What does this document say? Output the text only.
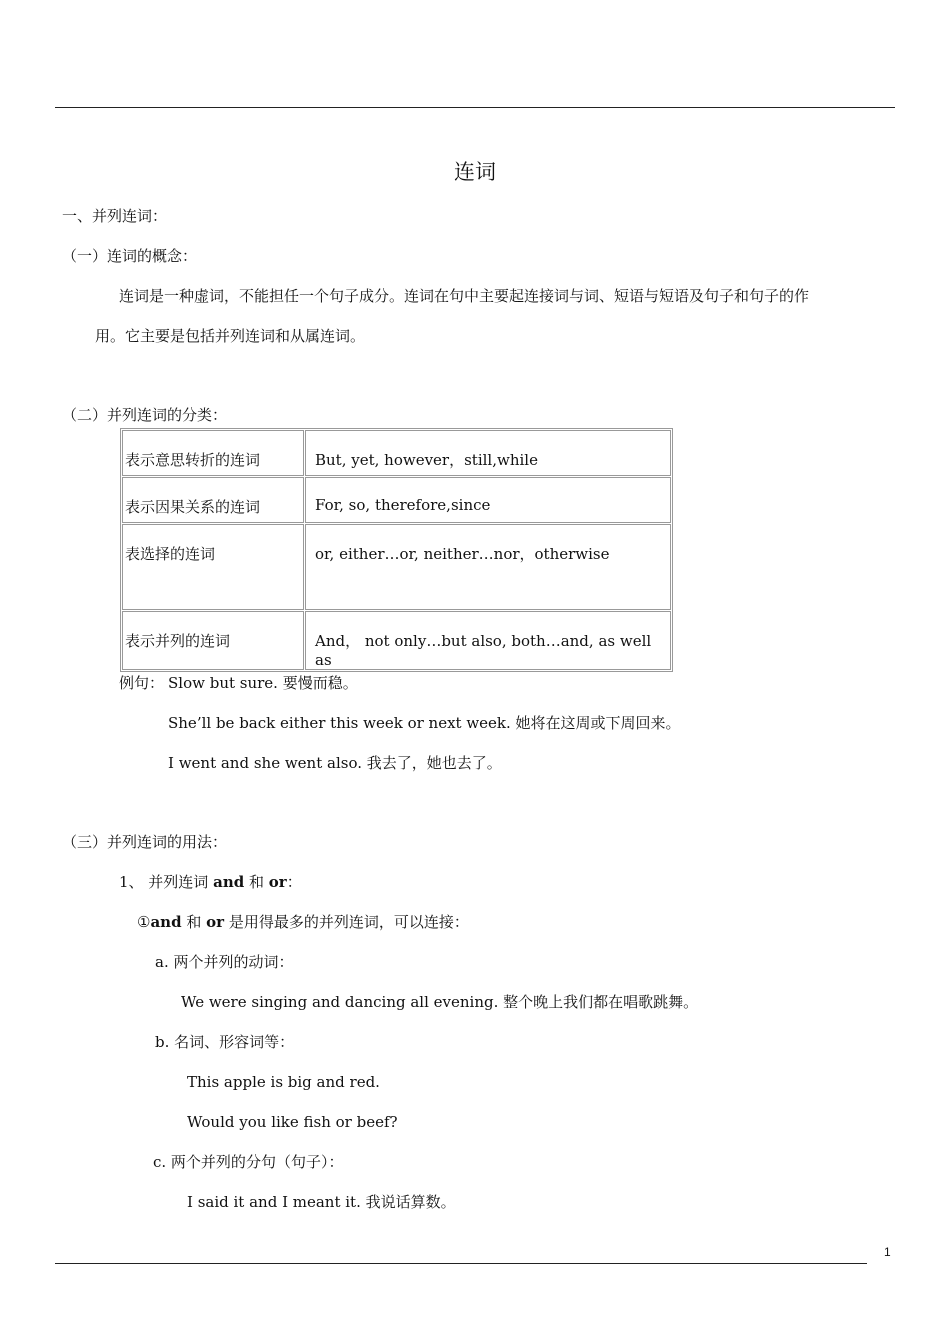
连词
一、并列连词：
（一）连词的概念：
连词是一种虚词，不能担任一个句子成分。连词在句中主要起连接词与词、短语与短语及句子和句子的作
用。它主要是包括并列连词和从属连词。
（二）并列连词的分类：
表示意思转折的连词	But, yet, however，still,while

表示因果关系的连词	For, so, therefore,since

表选择的连词	or, either…or, neither…nor，otherwise

表示并列的连词	And， not only…but also, both…and, as well as
例句： Slow but sure. 要慢而稳。
She’ll be back either this week or next week. 她将在这周或下周回来。
I went and she went also. 我去了，她也去了。
（三）并列连词的用法：
1、 并列连词 and 和 or：
①and 和 or 是用得最多的并列连词，可以连接：
a. 两个并列的动词：
We were singing and dancing all evening. 整个晚上我们都在唱歌跳舞。
b. 名词、形容词等：
This apple is big and red.
Would you like fish or beef?
c. 两个并列的分句（句子）：
I said it and I meant it. 我说话算数。
1
